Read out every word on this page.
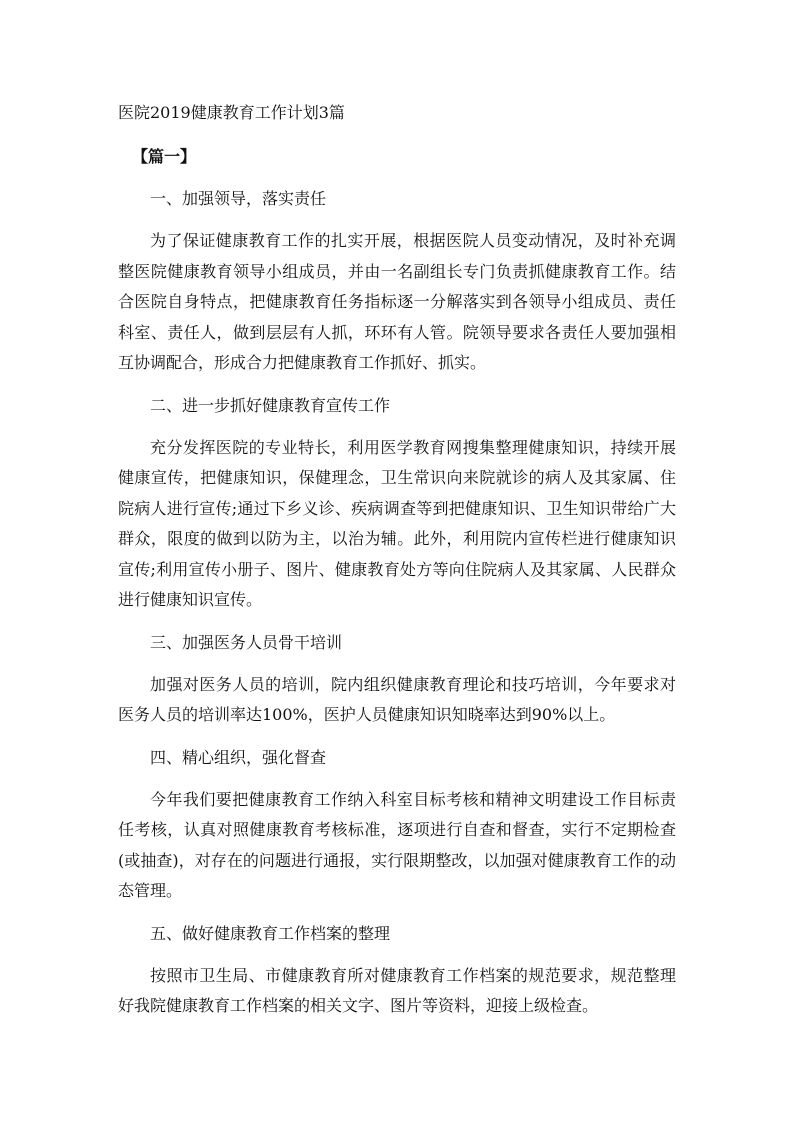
医院2019健康教育工作计划3篇
【篇一】

一、加强领导，落实责任

为了保证健康教育工作的扎实开展，根据医院人员变动情况，及时补充调整医院健康教育领导小组成员，并由一名副组长专门负责抓健康教育工作。结合医院自身特点，把健康教育任务指标逐一分解落实到各领导小组成员、责任科室、责任人，做到层层有人抓，环环有人管。院领导要求各责任人要加强相互协调配合，形成合力把健康教育工作抓好、抓实。

二、进一步抓好健康教育宣传工作

充分发挥医院的专业特长，利用医学教育网搜集整理健康知识，持续开展健康宣传，把健康知识，保健理念，卫生常识向来院就诊的病人及其家属、住院病人进行宣传;通过下乡义诊、疾病调查等到把健康知识、卫生知识带给广大群众，限度的做到以防为主，以治为辅。此外，利用院内宣传栏进行健康知识宣传;利用宣传小册子、图片、健康教育处方等向住院病人及其家属、人民群众进行健康知识宣传。

三、加强医务人员骨干培训

加强对医务人员的培训，院内组织健康教育理论和技巧培训，今年要求对医务人员的培训率达100%，医护人员健康知识知晓率达到90%以上。

四、精心组织，强化督查

今年我们要把健康教育工作纳入科室目标考核和精神文明建设工作目标责任考核，认真对照健康教育考核标准，逐项进行自查和督查，实行不定期检查(或抽查)，对存在的问题进行通报，实行限期整改，以加强对健康教育工作的动态管理。

五、做好健康教育工作档案的整理

按照市卫生局、市健康教育所对健康教育工作档案的规范要求，规范整理好我院健康教育工作档案的相关文字、图片等资料，迎接上级检查。
